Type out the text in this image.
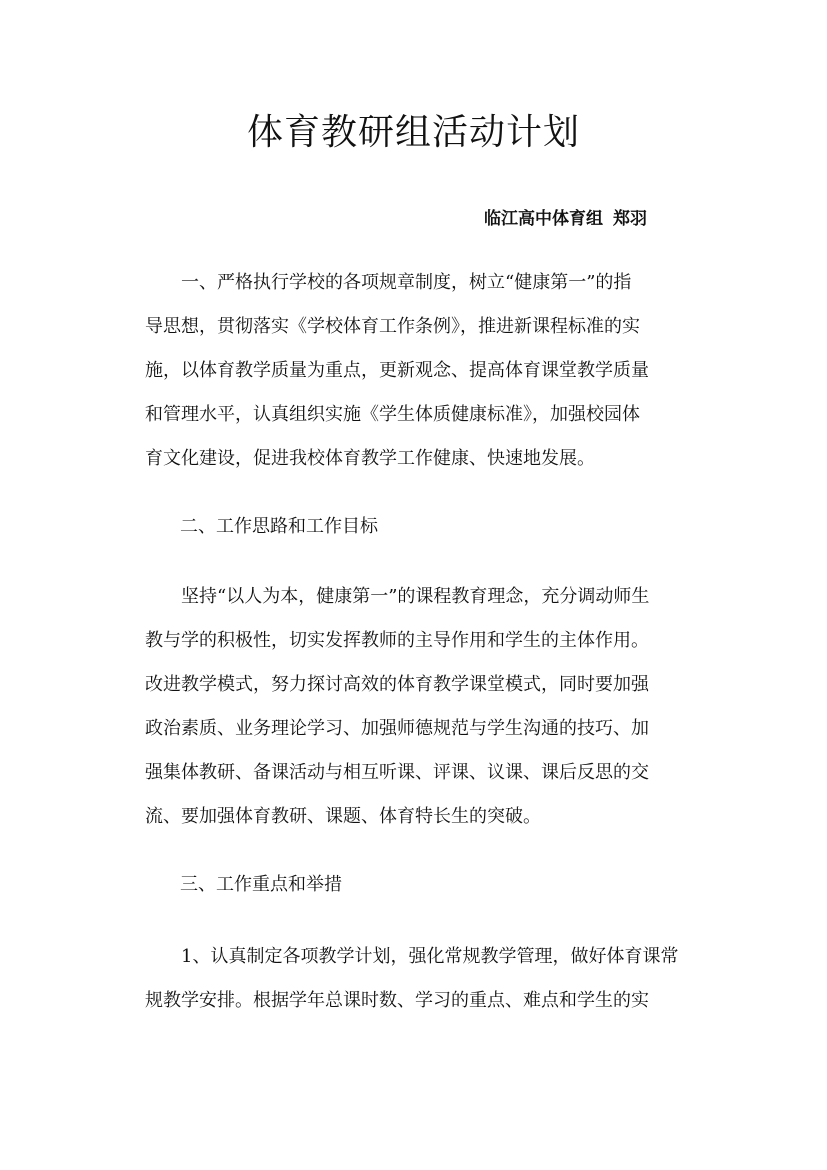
体育教研组活动计划
临江高中体育组 郑羽
一、严格执行学校的各项规章制度，树立“健康第一”的指
导思想，贯彻落实《学校体育工作条例》，推进新课程标准的实
施，以体育教学质量为重点，更新观念、提高体育课堂教学质量
和管理水平，认真组织实施《学生体质健康标准》，加强校园体
育文化建设，促进我校体育教学工作健康、快速地发展。
二、工作思路和工作目标
坚持“以人为本，健康第一”的课程教育理念，充分调动师生
教与学的积极性，切实发挥教师的主导作用和学生的主体作用。
改进教学模式，努力探讨高效的体育教学课堂模式，同时要加强
政治素质、业务理论学习、加强师德规范与学生沟通的技巧、加
强集体教研、备课活动与相互听课、评课、议课、课后反思的交
流、要加强体育教研、课题、体育特长生的突破。
三、工作重点和举措
1、认真制定各项教学计划，强化常规教学管理，做好体育课常
规教学安排。根据学年总课时数、学习的重点、难点和学生的实
